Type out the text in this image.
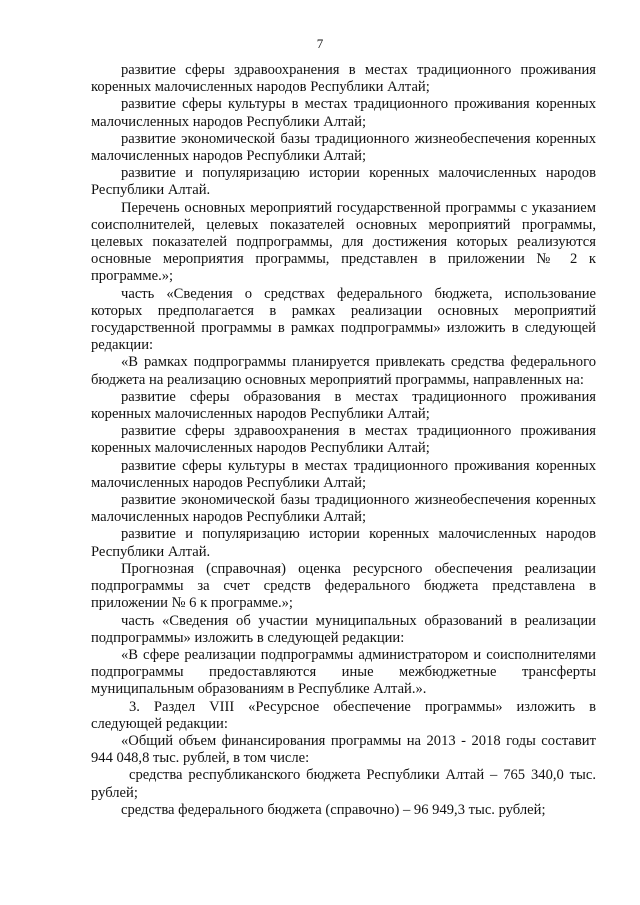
7

развитие сферы здравоохранения в местах традиционного проживания коренных малочисленных народов Республики Алтай;

развитие сферы культуры в местах традиционного проживания коренных малочисленных народов Республики Алтай;

развитие экономической базы традиционного жизнеобеспечения коренных малочисленных народов Республики Алтай;

развитие и популяризацию истории коренных малочисленных народов Республики Алтай.

Перечень основных мероприятий государственной программы с указанием соисполнителей, целевых показателей основных мероприятий программы, целевых показателей подпрограммы, для достижения которых реализуются основные мероприятия программы, представлен в приложении № 2 к программе.»;

часть «Сведения о средствах федерального бюджета, использование которых предполагается в рамках реализации основных мероприятий государственной программы в рамках подпрограммы» изложить в следующей редакции:

«В рамках подпрограммы планируется привлекать средства федерального бюджета на реализацию основных мероприятий программы, направленных на:

развитие сферы образования в местах традиционного проживания коренных малочисленных народов Республики Алтай;

развитие сферы здравоохранения в местах традиционного проживания коренных малочисленных народов Республики Алтай;

развитие сферы культуры в местах традиционного проживания коренных малочисленных народов Республики Алтай;

развитие экономической базы традиционного жизнеобеспечения коренных малочисленных народов Республики Алтай;

развитие и популяризацию истории коренных малочисленных народов Республики Алтай.

Прогнозная (справочная) оценка ресурсного обеспечения реализации подпрограммы за счет средств федерального бюджета представлена в приложении № 6 к программе.»;

часть «Сведения об участии муниципальных образований в реализации подпрограммы» изложить в следующей редакции:

«В сфере реализации подпрограммы администратором и соисполнителями подпрограммы предоставляются иные межбюджетные трансферты муниципальным образованиям в Республике Алтай.».

3. Раздел VIII «Ресурсное обеспечение программы» изложить в следующей редакции:

«Общий объем финансирования программы на 2013 - 2018 годы составит 944 048,8 тыс. рублей, в том числе:

средства республиканского бюджета Республики Алтай – 765 340,0 тыс. рублей;

средства федерального бюджета (справочно) – 96 949,3 тыс. рублей;
